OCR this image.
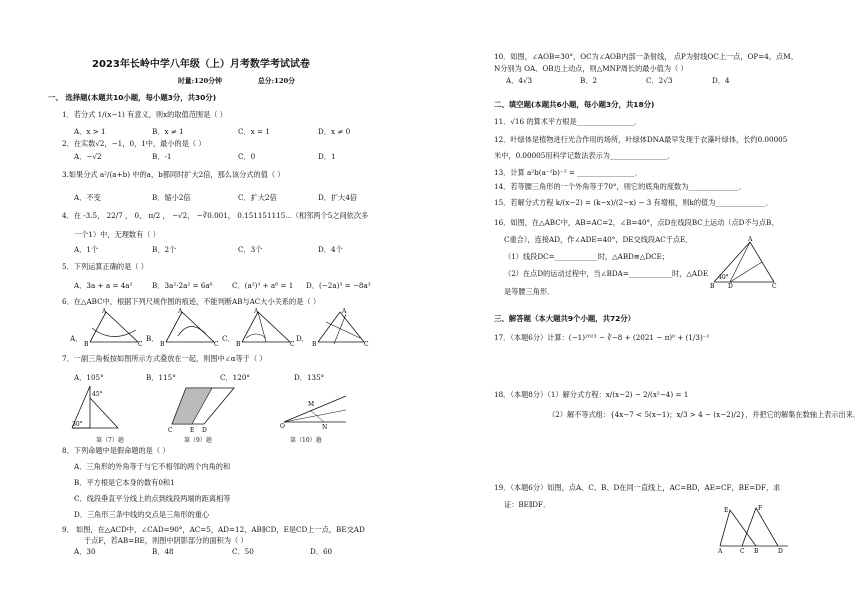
2023年长岭中学八年级（上）月考数学考试试卷
时量:120分钟	总分:120分
一、 选择题(本题共10小题，每小题3分，共30分)
1．若分式 1/(x−1) 有意义，则x的取值范围是（ ）
A．x > 1	B．x ≠ 1	C．x = 1	D．x ≠ 0
2．在实数√2，−1，0，1中，最小的是（ ）
A．−√2	B．-1	C．0	D．1
3.如果分式 a²/(a+b) 中的a，b都同时扩大2倍，那么该分式的值（ ）
A．不变	B．缩小2倍	C．扩大2倍	D．扩大4倍
4．在 -3.5， 22/7 ， 0， π/2 ， −√2， −∛0.001， 0.151151115⋯（相邻两个5之间依次多
一个1）中，无理数有（ ）
A．1个	B．2个	C．3个	D．4个
5．下列运算正确的是（ ）
A．3a + a = 4a²	B．3a²·2a² = 6a⁶	C．(a²)³ + a⁶ = 1 D．(−2a)³ = −8a³
6．在△ABC中，根据下列尺规作图的痕迹，不能判断AB与AC大小关系的是（ ）
A．	B．	C．	D．
A
B	C
A
B	C
A
B	C
A
B	C
7．一副三角板按如图所示方式叠放在一起，则图中∠α等于（ ）
A．105°	B．115°	C．120°	D．135°
45°
30°
C	E D
O
M
N
第（7）趟	第（9）趟	第（10）趟
8．下列命题中是假命题的是（ ）
A．三角形的外角等于与它不相邻的两个内角的和
B．平方根是它本身的数有0和1
C．线段垂直平分线上的点到线段两端的距离相等
D．三角形三条中线的交点是三角形的重心
9． 如图，在△ACD中，∠CAD=90°，AC=5，AD=12，AB∥CD，E是CD上一点，BE交AD
于点F，若AB=BE，则图中阴影部分的面积为（ ）
A．30	B．48	C．50	D．60
10．如图，∠AOB=30°，OC为∠AOB内部一条射线， 点P为射线OC上一点，OP=4，点M、
N分别为 OA、OB边上动点，则△MNP周长的最小值为（ ）
A．4√3	B．2	C．2√3	D．4
二、填空题(本题共6小题，每小题3分，共18分)
11．√16 的算术平方根是________________．
12．叶绿体是植物进行光合作用的场所，叶绿体DNA最早发现于衣藻叶绿体，长约0.00005
米中，0.00005用科学记数法表示为________________．
13．计算 a²b(a⁻¹b)⁻² = ________________．
14．若等腰三角形的一个外角等于70°，则它的底角的度数为______________．
15．若解分式方程 k/(x−2) = (k−x)/(2−x) − 3 有增根，则k的值为______________．
16．如图，在△ABC中，AB=AC=2，∠B=40°，点D在线段BC上运动（点D不与点B、
C重合），连接AD，作∠ADE=40°，DE交线段AC于点E．
（1）线段DC=____________时，△ABD≌△DCE；
（2）在点D的运动过程中，当∠BDA=____________时，△ADE
是等腰三角形．
A
B D	C
40°
三、解答题（本大题共9个小题，共72分）
17．（本题6分）计算：(−1)²⁰²³ − ∛−8 + (2021 − π)⁰ + (1/3)⁻¹
18．（本题8分）（1）解分式方程：x/(x−2) − 2/(x²−4) = 1
（2）解不等式组：{4x−7 < 5(x−1)；x/3 > 4 − (x−2)/2}，并把它的解集在数轴上表示出来．
19．（本题6分）如图，点A、C、B、D在同一直线上，AC=BD，AE=CF，BE=DF，求
证：BE∥DF．
E	F
A	C B	D
